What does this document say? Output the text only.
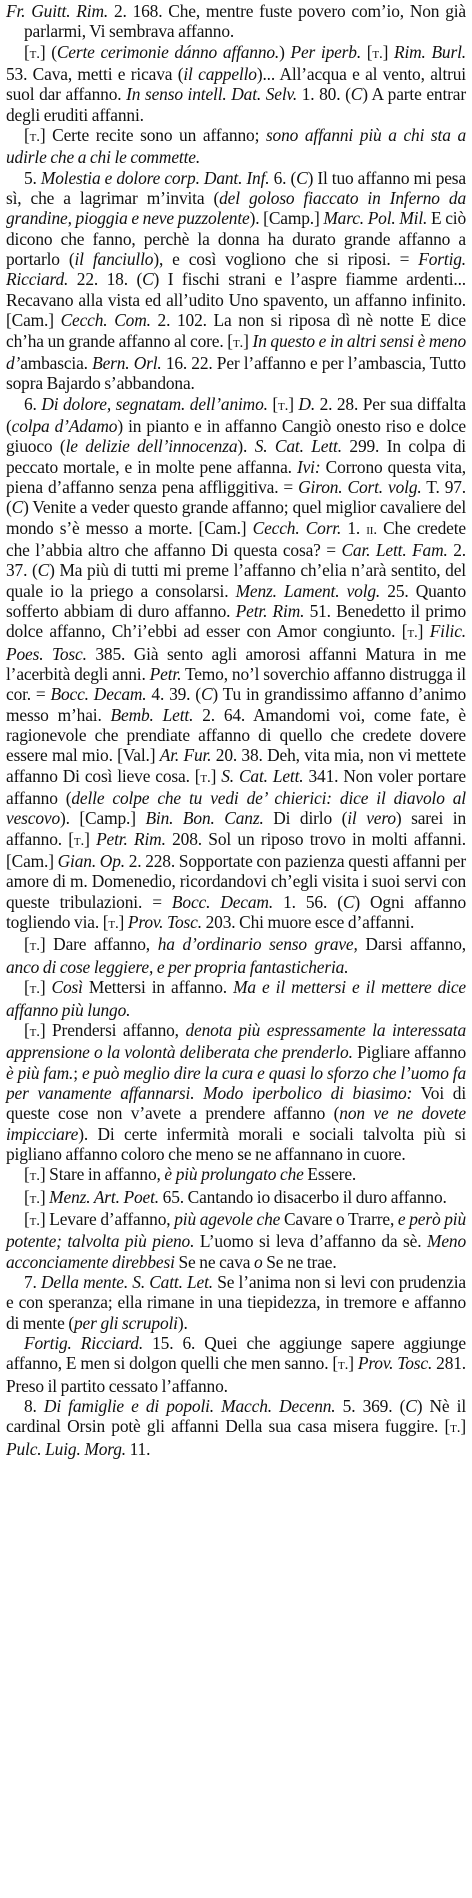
Fr. Guitt. Rim. 2. 168. Che, mentre fuste povero com’io, Non già parlarmi, Vi sembrava affanno.

[t.] (Certe cerimonie dánno affanno.) Per iperb. [t.] Rim. Burl. 53. Cava, metti e ricava (il cappello)... All’acqua e al vento, altrui suol dar affanno. In senso intell. Dat. Selv. 1. 80. (C) A parte entrar degli eruditi affanni.

[t.] Certe recite sono un affanno; sono affanni più a chi sta a udirle che a chi le commette.

5. Molestia e dolore corp. Dant. Inf. 6. (C) Il tuo affanno mi pesa sì, che a lagrimar m’invita (del goloso fiaccato in Inferno da grandine, pioggia e neve puzzolente). [Camp.] Marc. Pol. Mil. E ciò dicono che fanno, perchè la donna ha durato grande affanno a portarlo (il fanciullo), e così vogliono che si riposi. = Fortig. Ricciard. 22. 18. (C) I fischi strani e l’aspre fiamme ardenti... Recavano alla vista ed all’udito Uno spavento, un affanno infinito. [Cam.] Cecch. Com. 2. 102. La non si riposa dì nè notte E dice ch’ha un grande affanno al core. [t.] In questo e in altri sensi è meno d’ambascia. Bern. Orl. 16. 22. Per l’affanno e per l’ambascia, Tutto sopra Bajardo s’abbandona.

6. Di dolore, segnatam. dell’animo. [t.] D. 2. 28. Per sua diffalta (colpa d’Adamo) in pianto e in affanno Cangiò onesto riso e dolce giuoco (le delizie dell’innocenza). S. Cat. Lett. 299. In colpa di peccato mortale, e in molte pene affanna. Ivi: Corrono questa vita, piena d’affanno senza pena affliggitiva. = Giron. Cort. volg. T. 97. (C) Venite a veder questo grande affanno; quel miglior cavaliere del mondo s’è messo a morte. [Cam.] Cecch. Corr. 1. ii. Che credete che l’abbia altro che affanno Di questa cosa? = Car. Lett. Fam. 2. 37. (C) Ma più di tutti mi preme l’affanno ch’elia n’arà sentito, del quale io la priego a consolarsi. Menz. Lament. volg. 25. Quanto sofferto abbiam di duro affanno. Petr. Rim. 51. Benedetto il primo dolce affanno, Ch’i’ebbi ad esser con Amor congiunto. [t.] Filic. Poes. Tosc. 385. Già sento agli amorosi affanni Matura in me l’acerbità degli anni. Petr. Temo, no’l soverchio affanno distrugga il cor. = Bocc. Decam. 4. 39. (C) Tu in grandissimo affanno d’animo messo m’hai. Bemb. Lett. 2. 64. Amandomi voi, come fate, è ragionevole che prendiate affanno di quello che credete dovere essere mal mio. [Val.] Ar. Fur. 20. 38. Deh, vita mia, non vi mettete affanno Di così lieve cosa. [t.] S. Cat. Lett. 341. Non voler portare affanno (delle colpe che tu vedi de’ chierici: dice il diavolo al vescovo). [Camp.] Bin. Bon. Canz. Di dirlo (il vero) sarei in affanno. [t.] Petr. Rim. 208. Sol un riposo trovo in molti affanni. [Cam.] Gian. Op. 2. 228. Sopportate con pazienza questi affanni per amore di m. Domenedio, ricordandovi ch’egli visita i suoi servi con queste tribulazioni. = Bocc. Decam. 1. 56. (C) Ogni affanno togliendo via. [t.] Prov. Tosc. 203. Chi muore esce d’affanni.

[t.] Dare affanno, ha d’ordinario senso grave, Darsi affanno, anco di cose leggiere, e per propria fantasticheria.

[t.] Così Mettersi in affanno. Ma e il mettersi e il mettere dice affanno più lungo.

[t.] Prendersi affanno, denota più espressamente la interessata apprensione o la volontà deliberata che prenderlo. Pigliare affanno è più fam.; e può meglio dire la cura e quasi lo sforzo che l’uomo fa per vanamente affannarsi. Modo iperbolico di biasimo: Voi di queste cose non v’avete a prendere affanno (non ve ne dovete impicciare). Di certe infermità morali e sociali talvolta più si pigliano affanno coloro che meno se ne affannano in cuore.

[t.] Stare in affanno, è più prolungato che Essere.

[t.] Menz. Art. Poet. 65. Cantando io disacerbo il duro affanno.

[t.] Levare d’affanno, più agevole che Cavare o Trarre, e però più potente; talvolta più pieno. L’uomo si leva d’affanno da sè. Meno acconciamente direbbesi Se ne cava o Se ne trae.

7. Della mente. S. Catt. Let. Se l’anima non si levi con prudenzia e con speranza; ella rimane in una tiepidezza, in tremore e affanno di mente (per gli scrupoli).

Fortig. Ricciard. 15. 6. Quei che aggiunge sapere aggiunge affanno, E men si dolgon quelli che men sanno. [t.] Prov. Tosc. 281. Preso il partito cessato l’affanno.

8. Di famiglie e di popoli. Macch. Decenn. 5. 369. (C) Nè il cardinal Orsin potè gli affanni Della sua casa misera fuggire. [t.] Pulc. Luig. Morg. 11.
